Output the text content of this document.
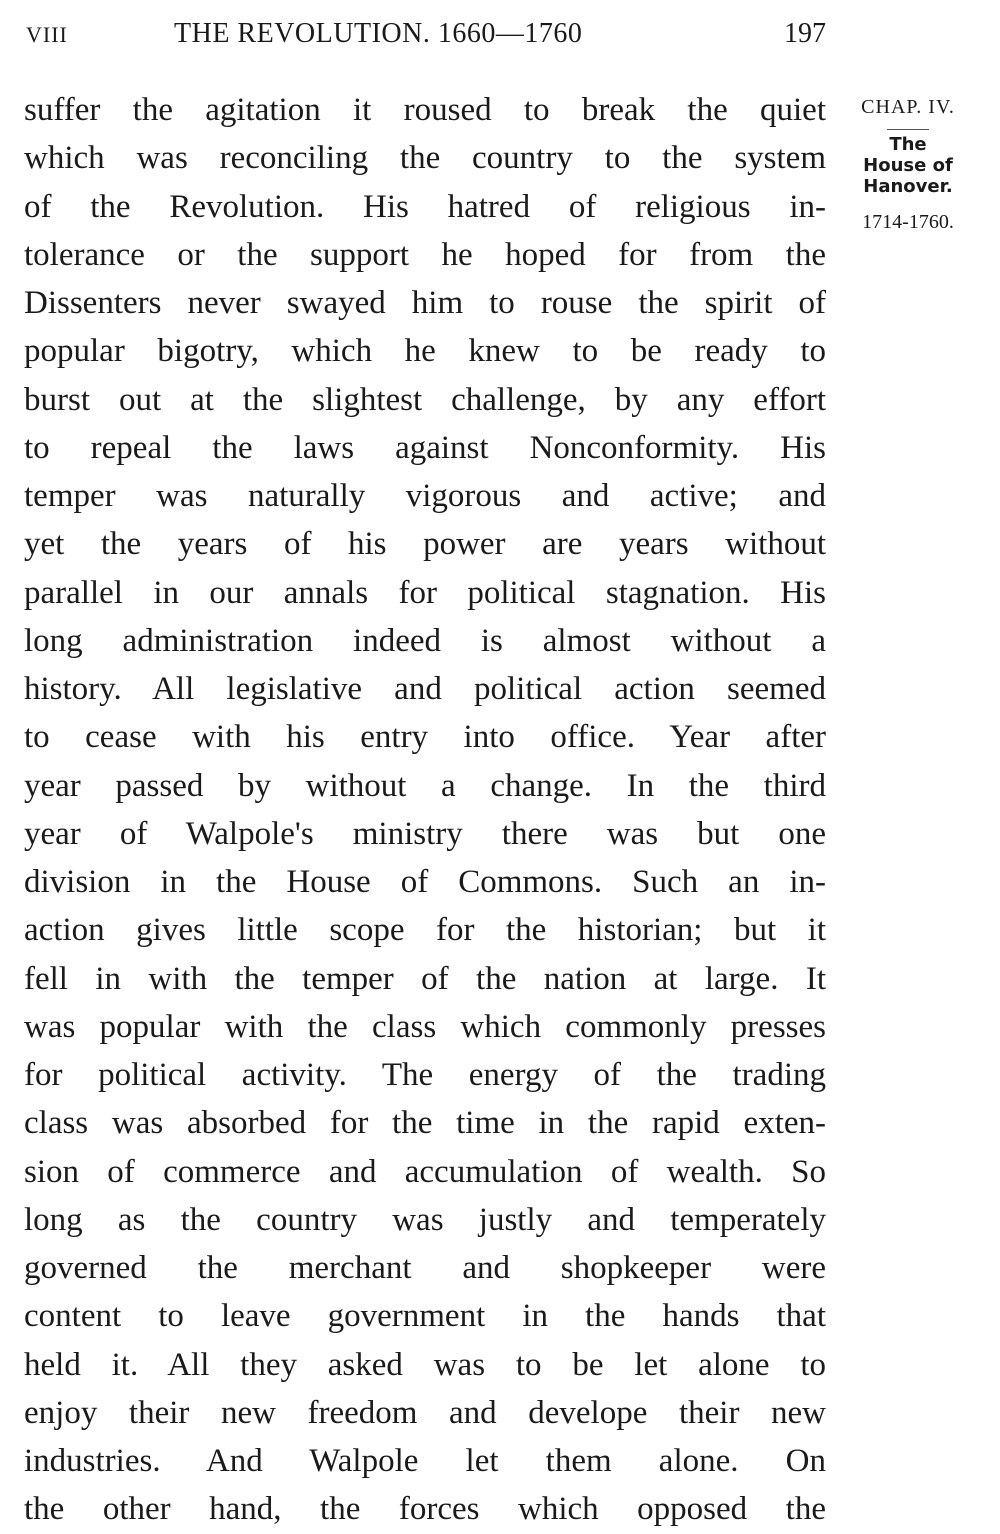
VIII	THE REVOLUTION. 1660—1760	197
suffer the agitation it roused to break the quiet
which was reconciling the country to the system
of the Revolution. His hatred of religious in-
tolerance or the support he hoped for from the
Dissenters never swayed him to rouse the spirit of
popular bigotry, which he knew to be ready to
burst out at the slightest challenge, by any effort
to repeal the laws against Nonconformity. His
temper was naturally vigorous and active; and
yet the years of his power are years without
parallel in our annals for political stagnation. His
long administration indeed is almost without a
history. All legislative and political action seemed
to cease with his entry into office. Year after
year passed by without a change. In the third
year of Walpole's ministry there was but one
division in the House of Commons. Such an in-
action gives little scope for the historian; but it
fell in with the temper of the nation at large. It
was popular with the class which commonly presses
for political activity. The energy of the trading
class was absorbed for the time in the rapid exten-
sion of commerce and accumulation of wealth. So
long as the country was justly and temperately
governed the merchant and shopkeeper were
content to leave government in the hands that
held it. All they asked was to be let alone to
enjoy their new freedom and develope their new
industries. And Walpole let them alone. On
the other hand, the forces which opposed the
CHAP. IV.
The
House of
Hanover.
1714-1760.
